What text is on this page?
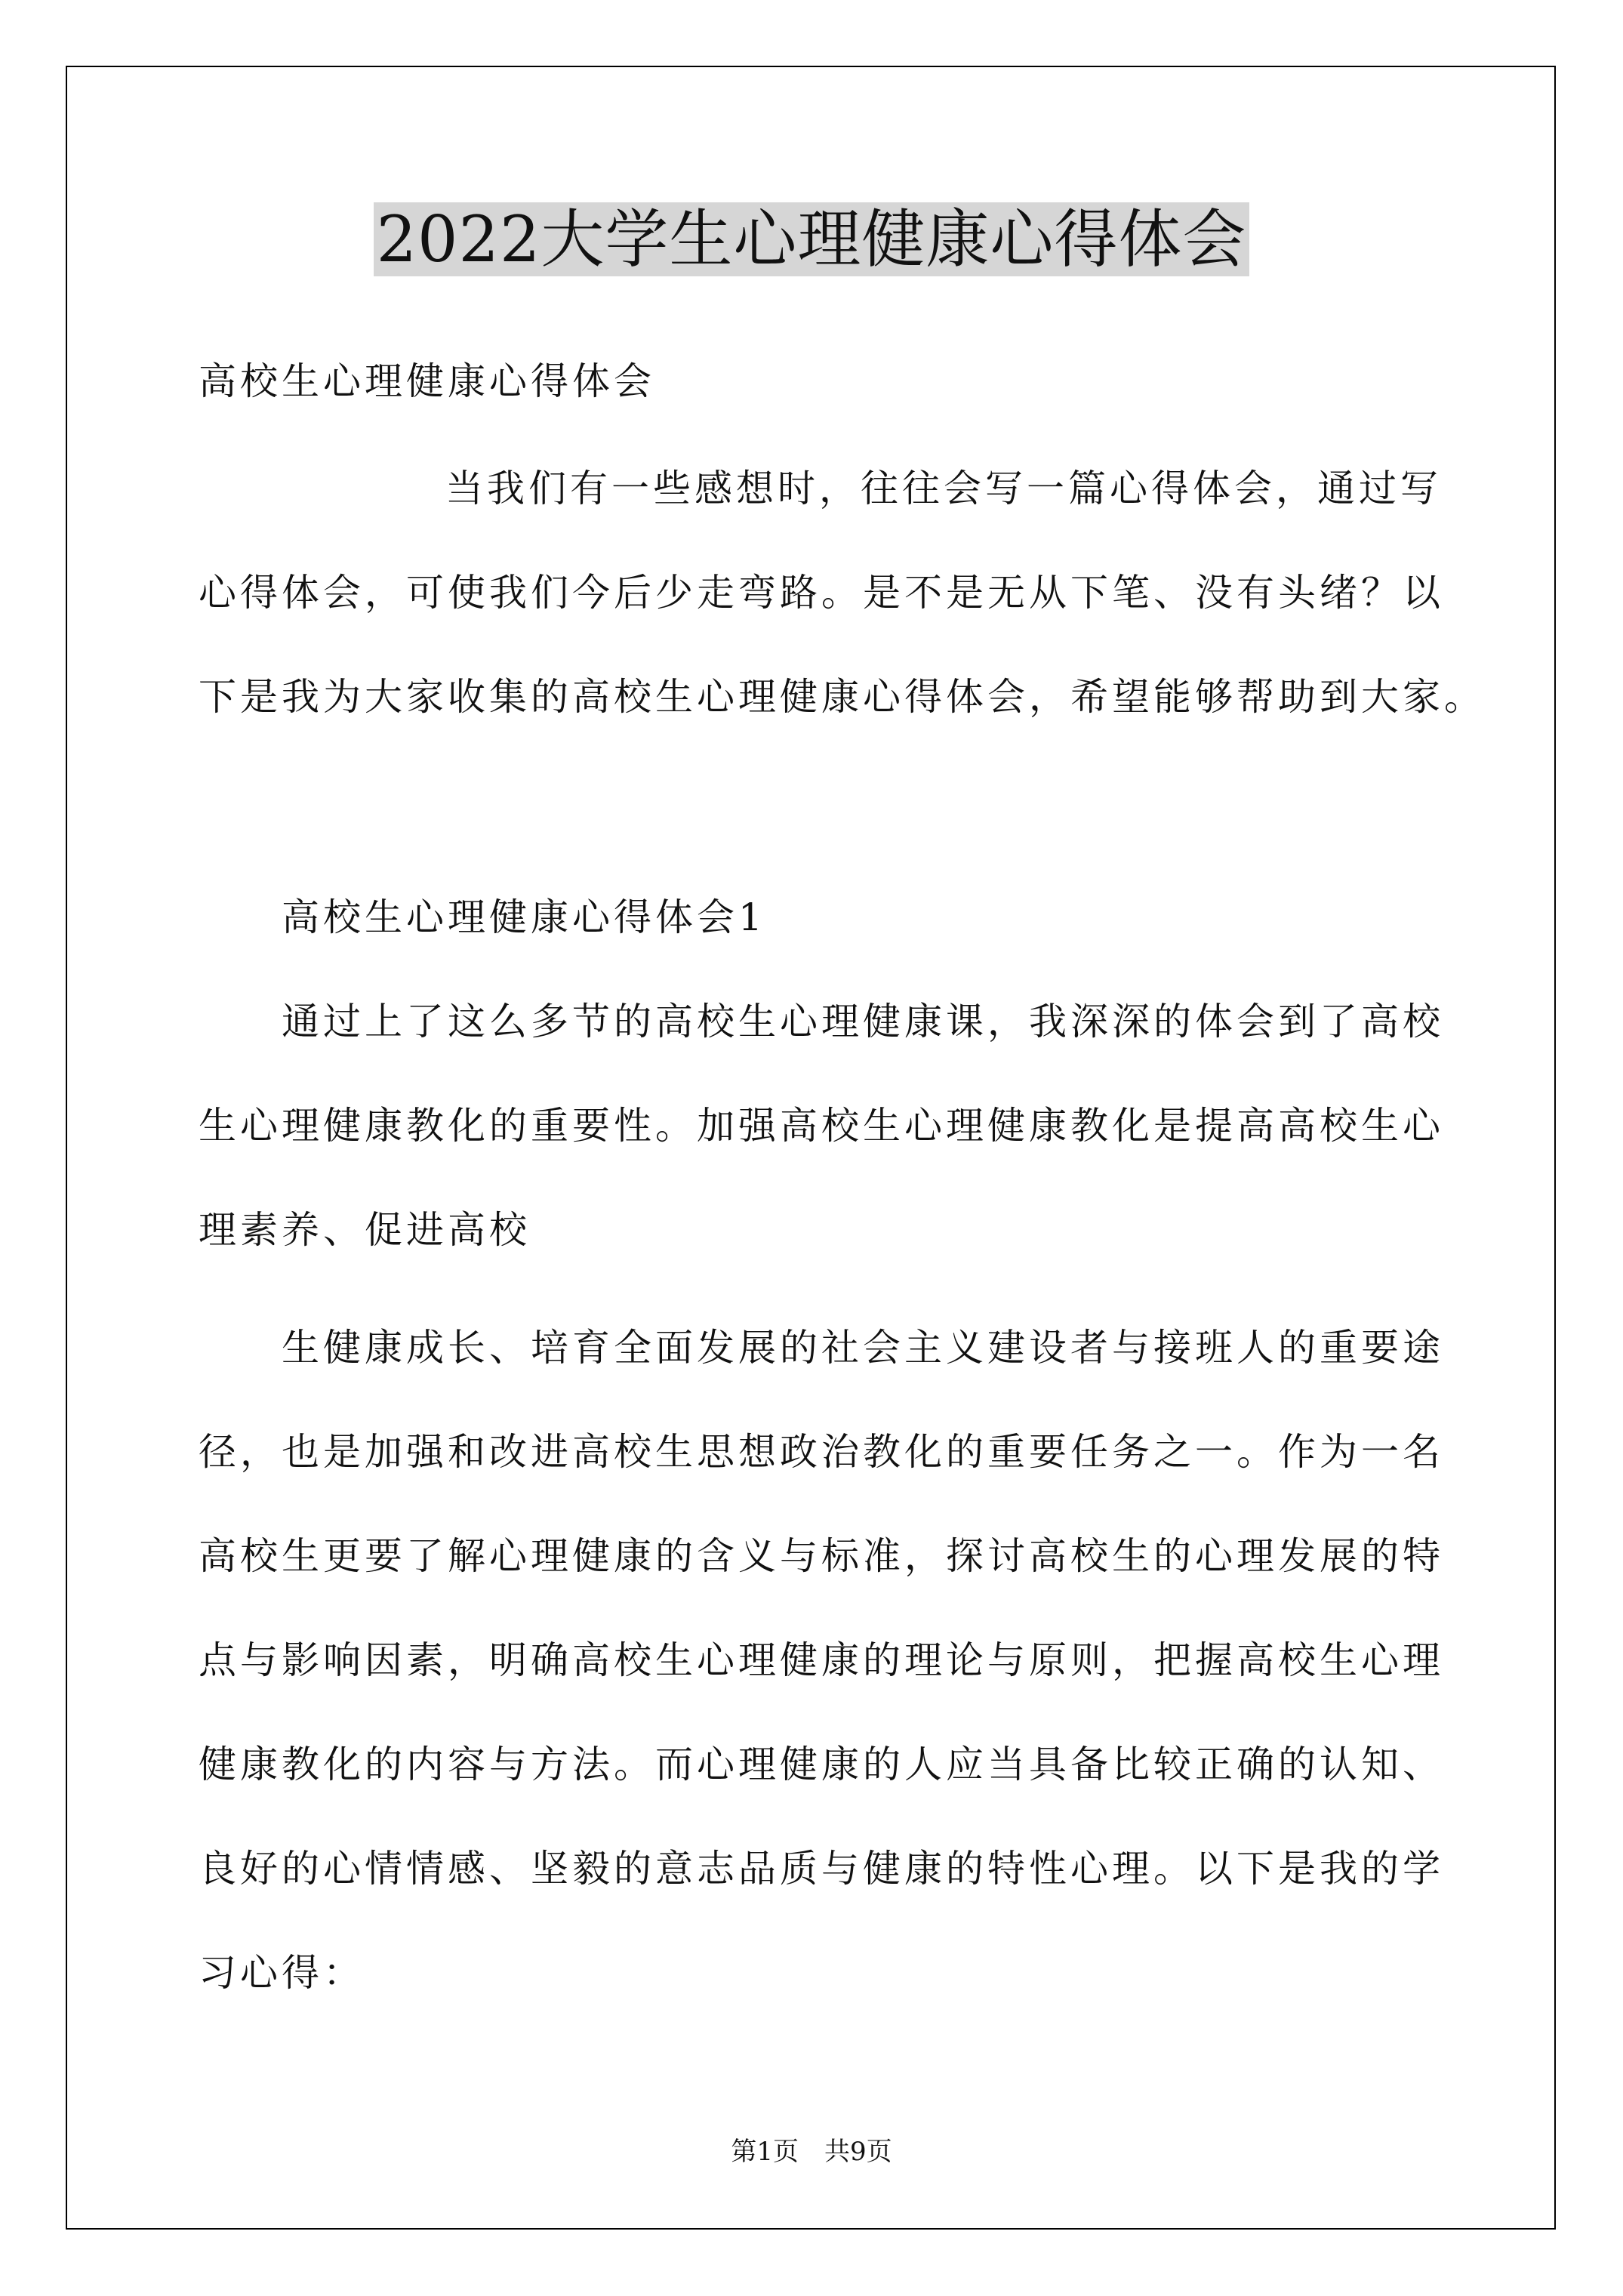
2022大学生心理健康心得体会
高校生心理健康心得体会
当我们有一些感想时，往往会写一篇心得体会，通过写
心得体会，可使我们今后少走弯路。是不是无从下笔、没有头绪？以
下是我为大家收集的高校生心理健康心得体会，希望能够帮助到大家。
高校生心理健康心得体会1
通过上了这么多节的高校生心理健康课，我深深的体会到了高校
生心理健康教化的重要性。加强高校生心理健康教化是提高高校生心
理素养、促进高校
生健康成长、培育全面发展的社会主义建设者与接班人的重要途
径，也是加强和改进高校生思想政治教化的重要任务之一。作为一名
高校生更要了解心理健康的含义与标准，探讨高校生的心理发展的特
点与影响因素，明确高校生心理健康的理论与原则，把握高校生心理
健康教化的内容与方法。而心理健康的人应当具备比较正确的认知、
良好的心情情感、坚毅的意志品质与健康的特性心理。以下是我的学
习心得：
第1页　共9页
